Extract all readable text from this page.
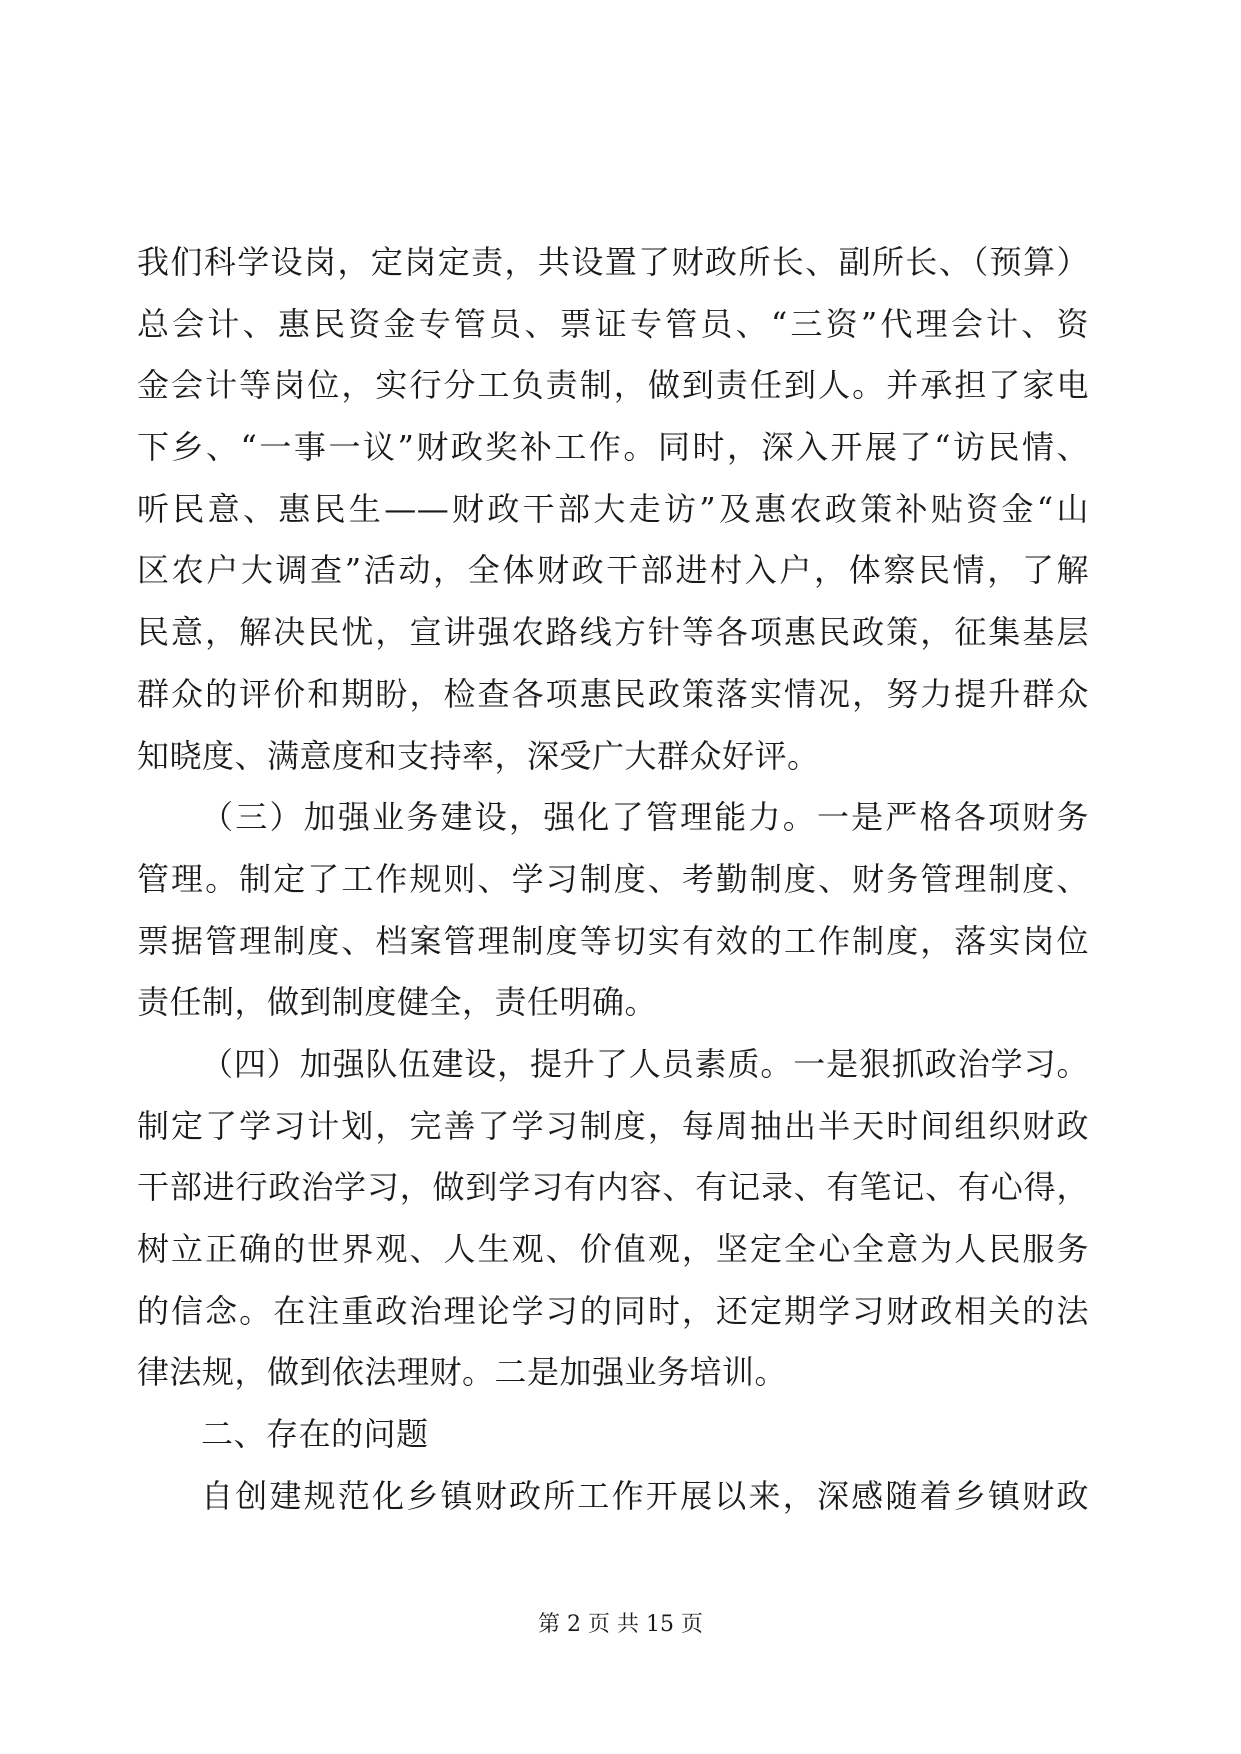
我们科学设岗，定岗定责，共设置了财政所长、副所长、（预算）
总会计、惠民资金专管员、票证专管员、“三资”代理会计、资
金会计等岗位，实行分工负责制，做到责任到人。并承担了家电
下乡、“一事一议”财政奖补工作。同时，深入开展了“访民情、
听民意、惠民生——财政干部大走访”及惠农政策补贴资金“山
区农户大调查”活动，全体财政干部进村入户，体察民情，了解
民意，解决民忧，宣讲强农路线方针等各项惠民政策，征集基层
群众的评价和期盼，检查各项惠民政策落实情况，努力提升群众
知晓度、满意度和支持率，深受广大群众好评。
（三）加强业务建设，强化了管理能力。一是严格各项财务
管理。制定了工作规则、学习制度、考勤制度、财务管理制度、
票据管理制度、档案管理制度等切实有效的工作制度，落实岗位
责任制，做到制度健全，责任明确。
（四）加强队伍建设，提升了人员素质。一是狠抓政治学习。
制定了学习计划，完善了学习制度，每周抽出半天时间组织财政
干部进行政治学习，做到学习有内容、有记录、有笔记、有心得，
树立正确的世界观、人生观、价值观，坚定全心全意为人民服务
的信念。在注重政治理论学习的同时，还定期学习财政相关的法
律法规，做到依法理财。二是加强业务培训。
二、存在的问题
自创建规范化乡镇财政所工作开展以来，深感随着乡镇财政
第 2 页 共 15 页
